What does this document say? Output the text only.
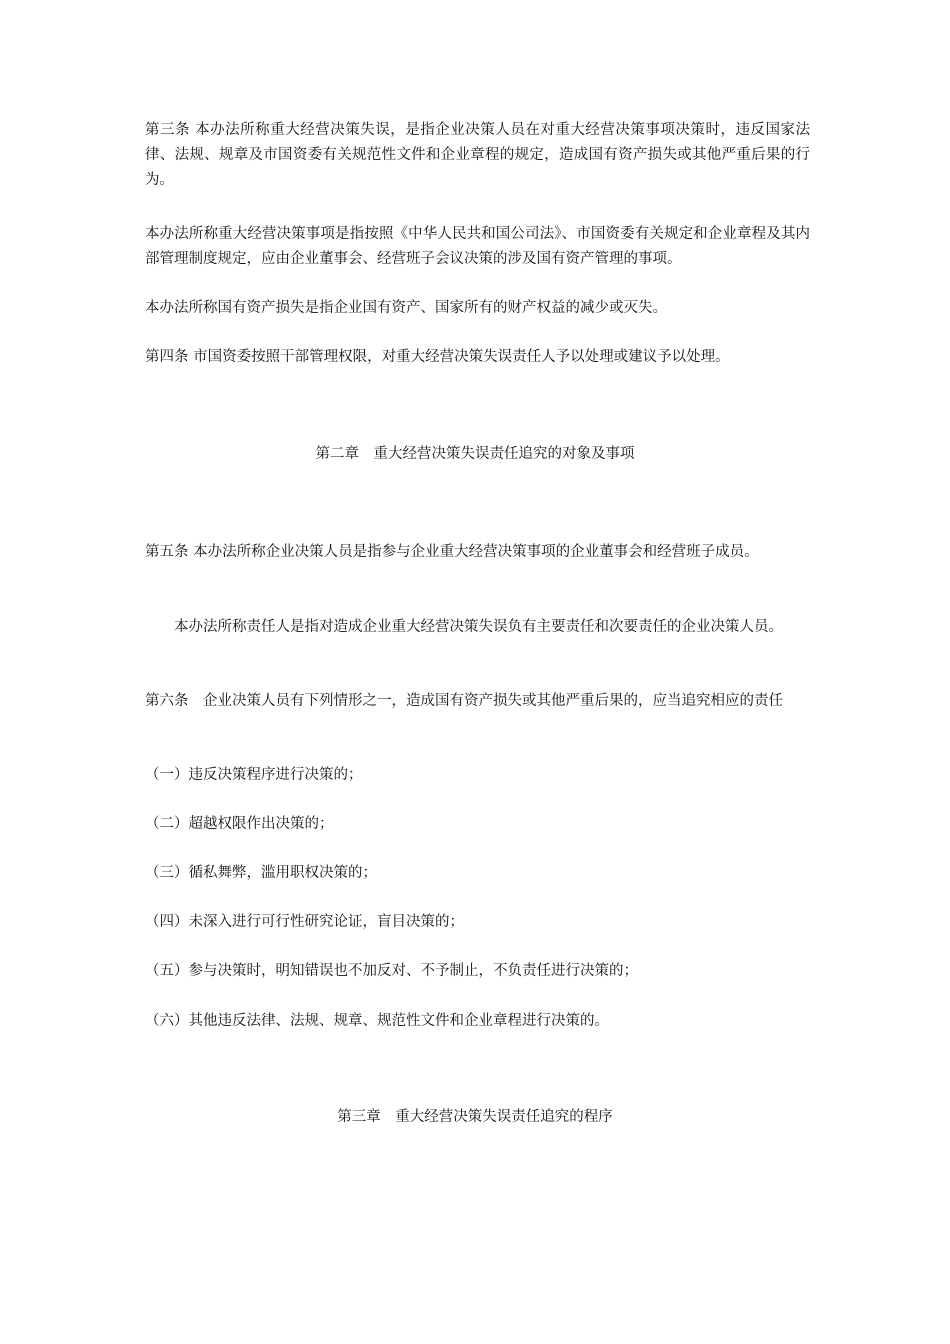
第三条 本办法所称重大经营决策失误，是指企业决策人员在对重大经营决策事项决策时，违反国家法律、法规、规章及市国资委有关规范性文件和企业章程的规定，造成国有资产损失或其他严重后果的行为。

本办法所称重大经营决策事项是指按照《中华人民共和国公司法》、市国资委有关规定和企业章程及其内部管理制度规定，应由企业董事会、经营班子会议决策的涉及国有资产管理的事项。

本办法所称国有资产损失是指企业国有资产、国家所有的财产权益的减少或灭失。

第四条 市国资委按照干部管理权限，对重大经营决策失误责任人予以处理或建议予以处理。

第二章　重大经营决策失误责任追究的对象及事项

第五条 本办法所称企业决策人员是指参与企业重大经营决策事项的企业董事会和经营班子成员。

本办法所称责任人是指对造成企业重大经营决策失误负有主要责任和次要责任的企业决策人员。

第六条　企业决策人员有下列情形之一，造成国有资产损失或其他严重后果的，应当追究相应的责任

（一）违反决策程序进行决策的；

（二）超越权限作出决策的；

（三）循私舞弊，滥用职权决策的；

（四）未深入进行可行性研究论证，盲目决策的；

（五）参与决策时，明知错误也不加反对、不予制止，不负责任进行决策的；

（六）其他违反法律、法规、规章、规范性文件和企业章程进行决策的。

第三章　重大经营决策失误责任追究的程序
